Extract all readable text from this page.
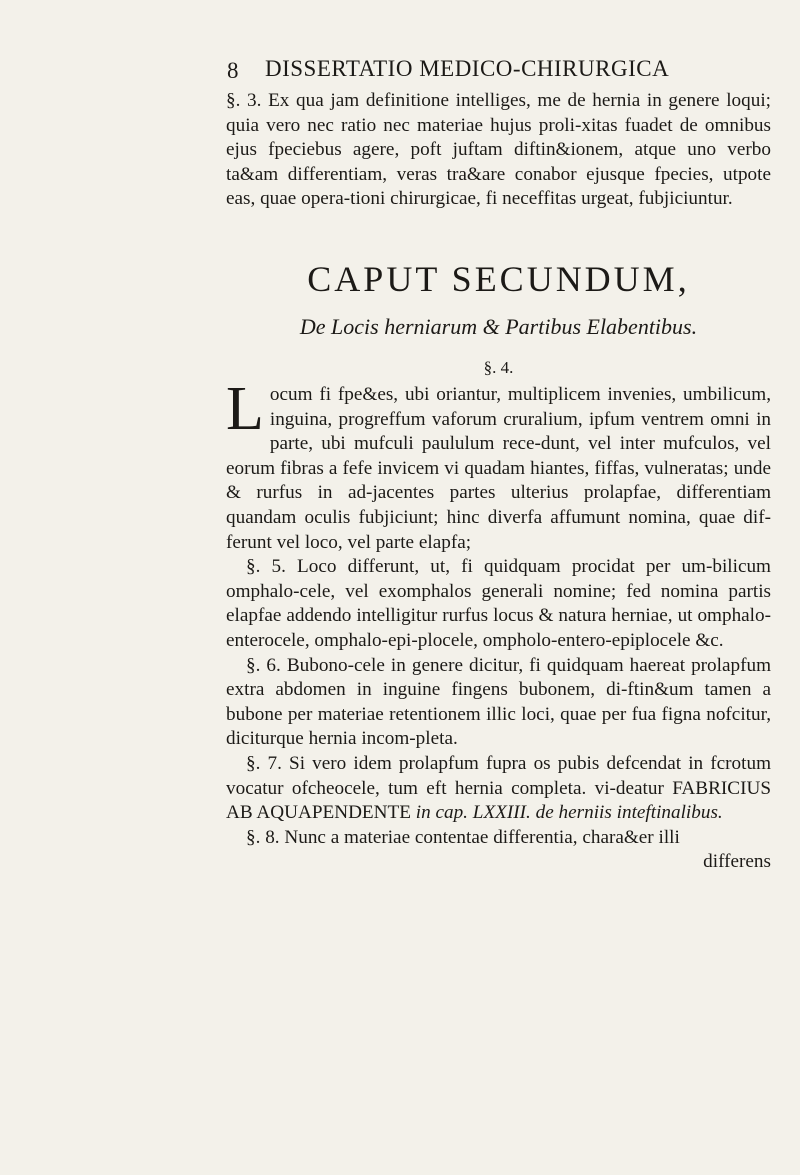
8 DISSERTATIO MEDICO-CHIRURGICA

§. 3. Ex qua jam definitione intelliges, me de hernia in genere loqui; quia vero nec ratio nec materiae hujus proli-xitas fuadet de omnibus ejus fpeciebus agere, poft juftam diftin&ionem, atque uno verbo ta&am differentiam, veras tra&are conabor ejusque fpecies, utpote eas, quae opera-tioni chirurgicae, fi neceffitas urgeat, fubjiciuntur.

CAPUT SECUNDUM,
De Locis herniarum & Partibus Elabentibus.
§. 4.

Locum fi fpe&es, ubi oriantur, multiplicem invenies, umbilicum, inguina, progreffum vaforum cruralium, ipfum ventrem omni in parte, ubi mufculi paululum rece-dunt, vel inter mufculos, vel eorum fibras a fefe invicem vi quadam hiantes, fiffas, vulneratas; unde & rurfus in ad-jacentes partes ulterius prolapfae, differentiam quandam oculis fubjiciunt; hinc diverfa affumunt nomina, quae dif-ferunt vel loco, vel parte elapfa;

§. 5. Loco differunt, ut, fi quidquam procidat per um-bilicum omphalo-cele, vel exomphalos generali nomine; fed nomina partis elapfae addendo intelligitur rurfus locus & natura herniae, ut omphalo-enterocele, omphalo-epi-plocele, ompholo-entero-epiplocele &c.

§. 6. Bubono-cele in genere dicitur, fi quidquam haereat prolapfum extra abdomen in inguine fingens bubonem, di-ftin&um tamen a bubone per materiae retentionem illic loci, quae per fua figna nofcitur, diciturque hernia incom-pleta.

§. 7. Si vero idem prolapfum fupra os pubis defcendat in fcrotum vocatur ofcheocele, tum eft hernia completa. vi-deatur FABRICIUS AB AQUAPENDENTE in cap. LXXIII. de herniis inteftinalibus.

§. 8. Nunc a materiae contentae differentia, chara&er illi

differens
